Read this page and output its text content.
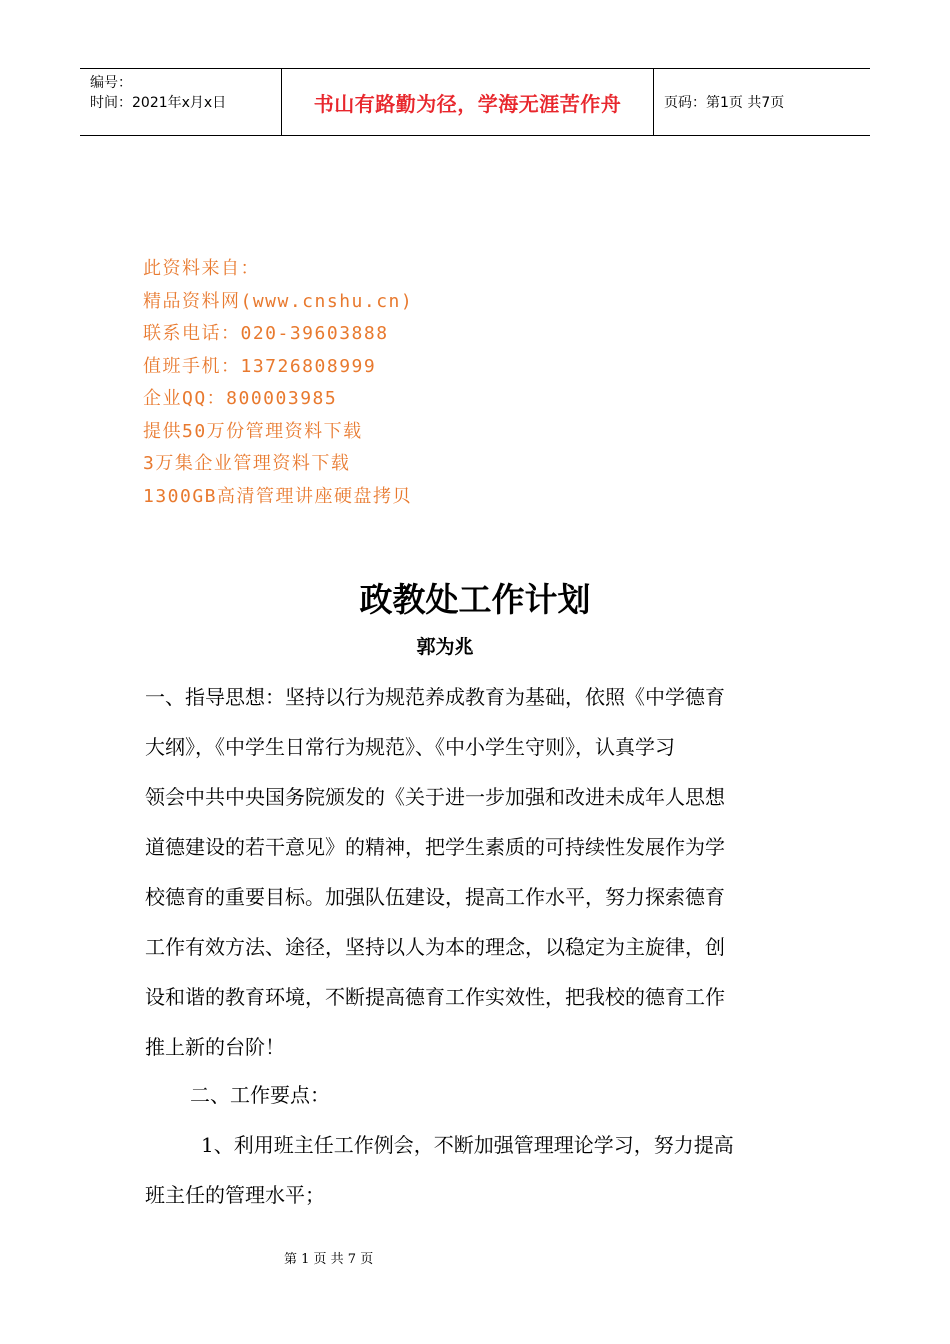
编号：
时间：2021年x月x日	书山有路勤为径，学海无涯苦作舟	页码：第1页 共7页
此资料来自：
精品资料网(www.cnshu.cn)
联系电话：020-39603888
值班手机：13726808999
企业QQ：800003985
提供50万份管理资料下载
3万集企业管理资料下载
1300GB高清管理讲座硬盘拷贝
政教处工作计划
郭为兆
一、指导思想：坚持以行为规范养成教育为基础，依照《中学德育
大纲》，《中学生日常行为规范》、《中小学生守则》，认真学习
领会中共中央国务院颁发的《关于进一步加强和改进未成年人思想
道德建设的若干意见》的精神，把学生素质的可持续性发展作为学
校德育的重要目标。加强队伍建设，提高工作水平，努力探索德育
工作有效方法、途径，坚持以人为本的理念，以稳定为主旋律，创
设和谐的教育环境，不断提高德育工作实效性，把我校的德育工作
推上新的台阶！
二、工作要点：
1、利用班主任工作例会，不断加强管理理论学习，努力提高
班主任的管理水平；
第 1 页 共 7 页
